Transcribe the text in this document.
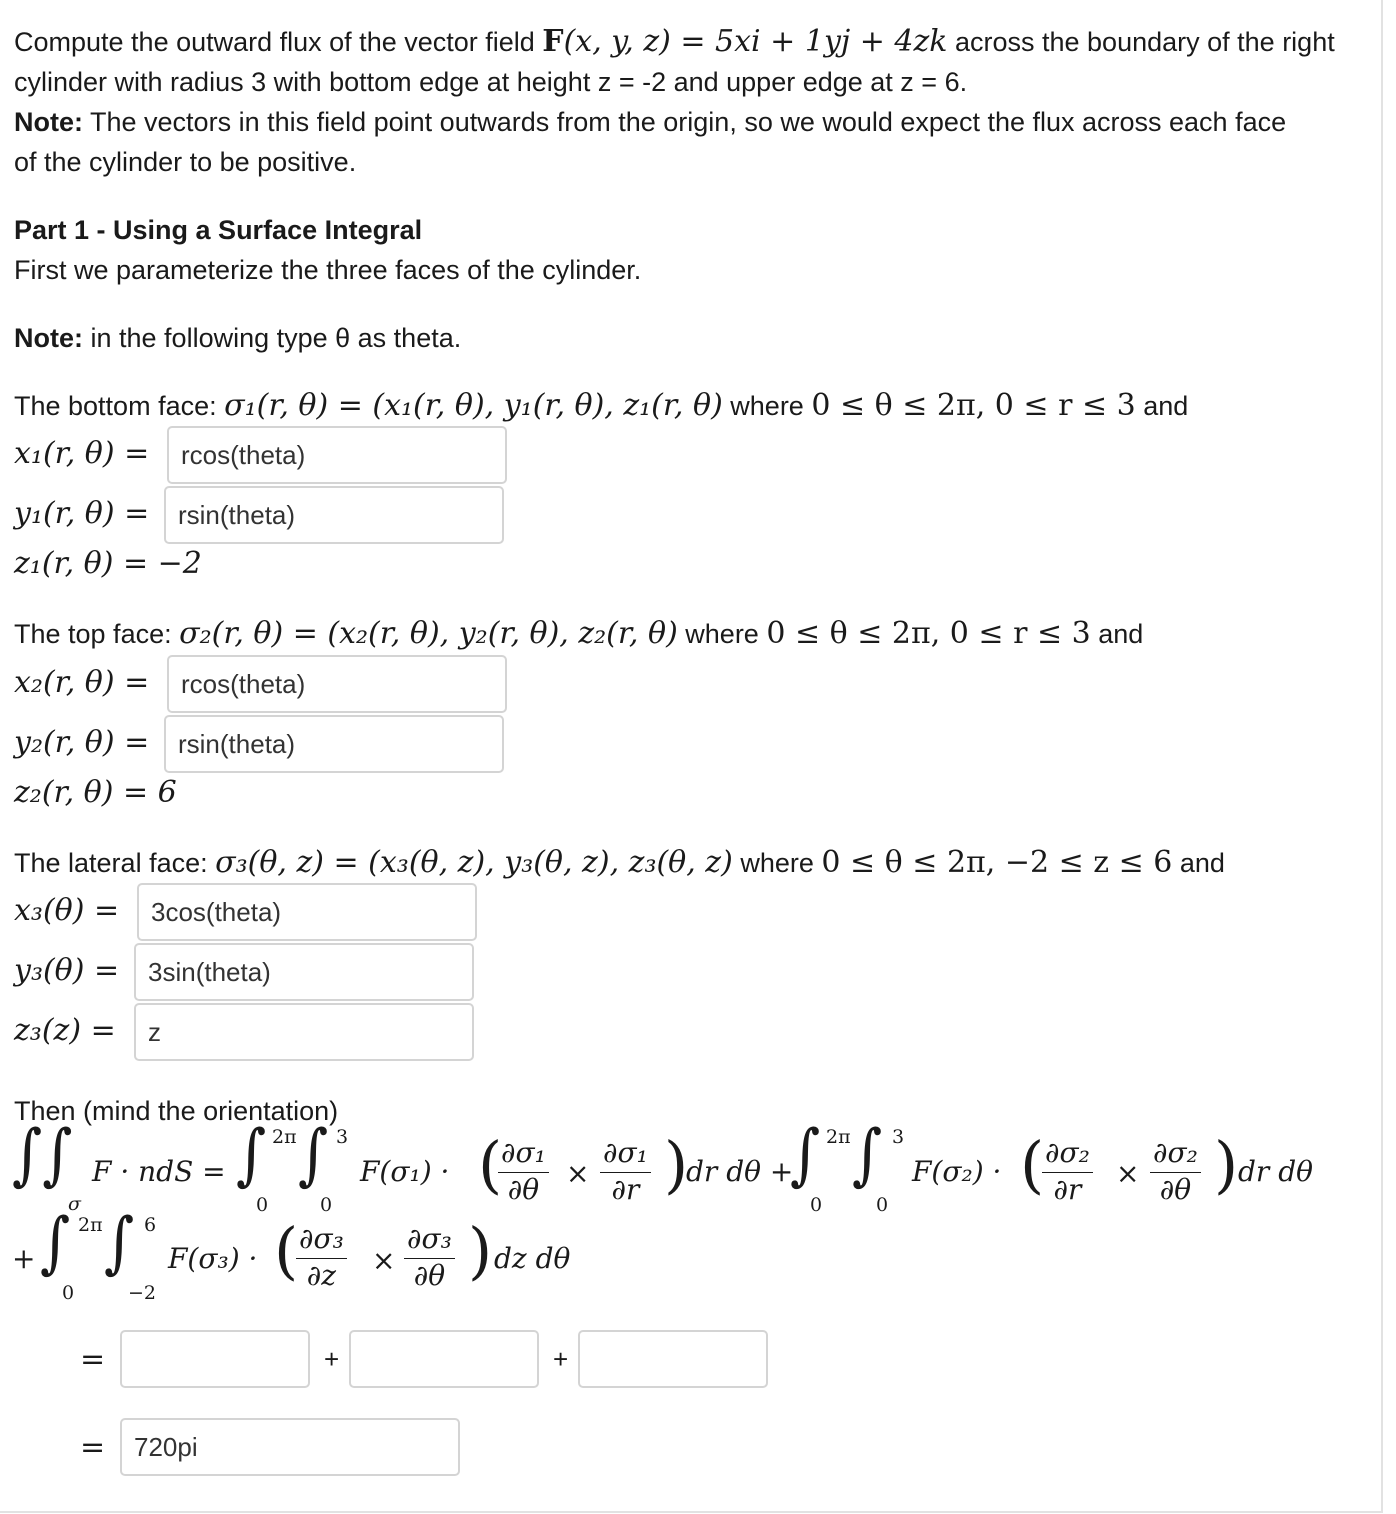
Compute the outward flux of the vector field F(x, y, z) = 5xi + 1yj + 4zk across the boundary of the right
cylinder with radius 3 with bottom edge at height z = -2 and upper edge at z = 6.
Note: The vectors in this field point outwards from the origin, so we would expect the flux across each face
of the cylinder to be positive.
Part 1 - Using a Surface Integral
First we parameterize the three faces of the cylinder.
Note: in the following type θ as theta.
The bottom face: σ₁(r, θ) = (x₁(r, θ), y₁(r, θ), z₁(r, θ) where 0 ≤ θ ≤ 2π, 0 ≤ r ≤ 3 and
x₁(r, θ) =
rcos(theta)
y₁(r, θ) =
rsin(theta)
z₁(r, θ) = −2
The top face: σ₂(r, θ) = (x₂(r, θ), y₂(r, θ), z₂(r, θ) where 0 ≤ θ ≤ 2π, 0 ≤ r ≤ 3 and
x₂(r, θ) =
rcos(theta)
y₂(r, θ) =
rsin(theta)
z₂(r, θ) = 6
The lateral face: σ₃(θ, z) = (x₃(θ, z), y₃(θ, z), z₃(θ, z) where 0 ≤ θ ≤ 2π, −2 ≤ z ≤ 6 and
x₃(θ) =
3cos(theta)
y₃(θ) =
3sin(theta)
z₃(z) =
z
Then (mind the orientation)
∫∫
σ
F · ndS = ∫ 2π
0
∫ 3
0
F(σ₁) · (
$\frac{\text{∂σ₁}}{\partial\theta} \times \frac{\text{∂σ₁}}{\partial r}$ )
dr dθ +
∫ 2π
0
∫ 3
0
F(σ₂) · (
$\frac{\text{∂σ₂}}{\partial r} \times \frac{\text{∂σ₂}}{\partial\theta}$ ) dr dθ
+ ∫ 2π
0
∫ 6
−2
F(σ₃) · (
$\frac{\text{∂σ₃}}{\partial z} \times \frac{\text{∂σ₃}}{\partial\theta}$ ) dz dθ
=	+	+
=
720pi
